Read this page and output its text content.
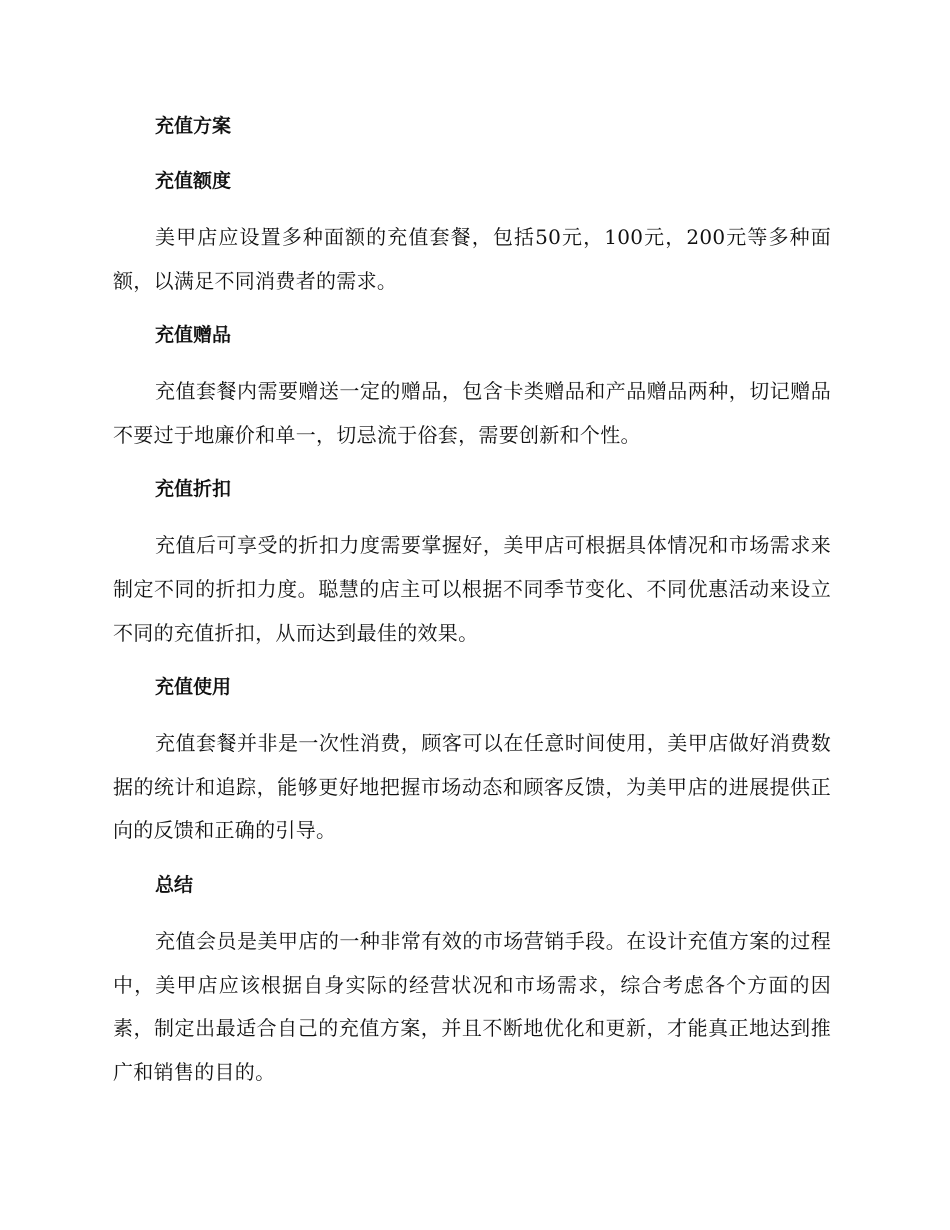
充值方案
充值额度

美甲店应设置多种面额的充值套餐，包括50元，100元，200元等多种面额，以满足不同消费者的需求。

充值赠品

充值套餐内需要赠送一定的赠品，包含卡类赠品和产品赠品两种，切记赠品不要过于地廉价和单一，切忌流于俗套，需要创新和个性。

充值折扣

充值后可享受的折扣力度需要掌握好，美甲店可根据具体情况和市场需求来制定不同的折扣力度。聪慧的店主可以根据不同季节变化、不同优惠活动来设立不同的充值折扣，从而达到最佳的效果。

充值使用

充值套餐并非是一次性消费，顾客可以在任意时间使用，美甲店做好消费数据的统计和追踪，能够更好地把握市场动态和顾客反馈，为美甲店的进展提供正向的反馈和正确的引导。

总结

充值会员是美甲店的一种非常有效的市场营销手段。在设计充值方案的过程中，美甲店应该根据自身实际的经营状况和市场需求，综合考虑各个方面的因素，制定出最适合自己的充值方案，并且不断地优化和更新，才能真正地达到推广和销售的目的。
